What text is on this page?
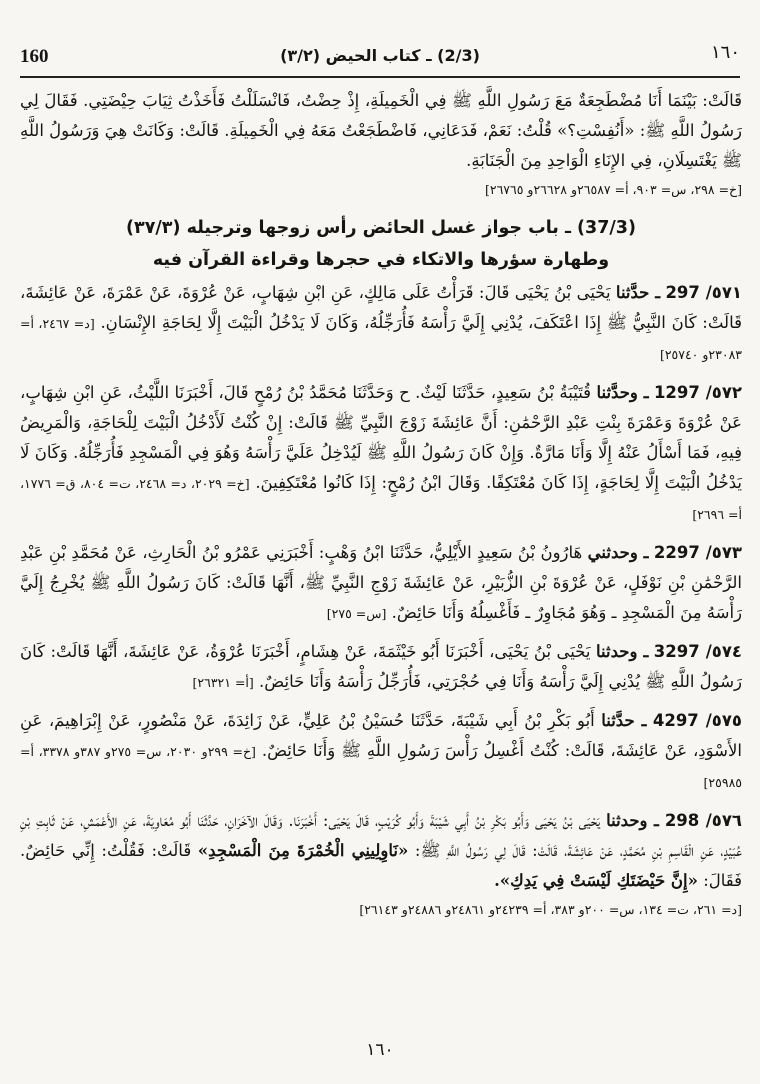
160	(2/3) ـ كتاب الحيض (٣/٢)	١٦٠

قَالَتْ: بَيْنَمَا أَنَا مُضْطَجِعَةٌ مَعَ رَسُولِ اللَّهِ ﷺ فِي الْخَمِيلَةِ، إِذْ حِضْتُ، فَانْسَلَلْتُ فَأَخَذْتُ ثِيَابَ حِيْضَتِي. فَقَالَ لِي رَسُولُ اللَّهِ ﷺ: «أَنُفِسْتِ؟» قُلْتُ: نَعَمْ، فَدَعَانِي، فَاضْطَجَعْتُ مَعَهُ فِي الْخَمِيلَةِ. قَالَتْ: وَكَانَتْ هِيَ وَرَسُولُ اللَّهِ ﷺ يَغْتَسِلَانِ، فِي الإِنَاءِ الْوَاحِدِ مِنَ الْجَنَابَةِ.

[خ= ٢٩٨، س= ٩٠٣، أ= ٢٦٥٨٧و ٢٦٦٢٨و ٢٦٧٦٥]

(37/3) ـ باب جواز غسل الحائض رأس زوجها وترجيله (٣٧/٣)
وطهارة سؤرها والاتكاء في حجرها وقراءة القرآن فيه

٥٧١/ 297 ـ حدَّثنا يَحْيَى بْنُ يَحْيَى قَالَ: قَرَأْتُ عَلَى مَالِكٍ، عَنِ ابْنِ شِهَابٍ، عَنْ عُرْوَةَ، عَنْ عَمْرَةَ، عَنْ عَائِشَةَ، قَالَتْ: كَانَ النَّبِيُّ ﷺ إِذَا اعْتَكَفَ، يُدْنِي إِلَيَّ رَأْسَهُ فَأُرَجِّلُهُ، وَكَانَ لَا يَدْخُلُ الْبَيْتَ إِلَّا لِحَاجَةِ الإِنْسَانِ. [د= ٢٤٦٧، أ= ٢٣٠٨٣و ٢٥٧٤٠]

٥٧٢/ 1297 ـ وحدَّثنا قُتَيْبَةُ بْنُ سَعِيدٍ، حَدَّثَنَا لَيْثٌ. ح وَحَدَّثَنَا مُحَمَّدُ بْنُ رُمْحٍ قَالَ، أَخْبَرَنَا اللَّيْثُ، عَنِ ابْنِ شِهَابٍ، عَنْ عُرْوَةَ وَعَمْرَةَ بِنْتِ عَبْدِ الرَّحْمَٰنِ: أَنَّ عَائِشَةَ زَوْجَ النَّبِيِّ ﷺ قَالَتْ: إِنْ كُنْتُ لَأَدْخُلُ الْبَيْتَ لِلْحَاجَةِ، وَالْمَرِيضُ فِيهِ، فَمَا أَسْأَلُ عَنْهُ إِلَّا وَأَنَا مَارَّةٌ. وَإِنْ كَانَ رَسُولُ اللَّهِ ﷺ لَيُدْخِلُ عَلَيَّ رَأْسَهُ وَهُوَ فِي الْمَسْجِدِ فَأُرَجِّلُهُ. وَكَانَ لَا يَدْخُلُ الْبَيْتَ إِلَّا لِحَاجَةٍ، إِذَا كَانَ مُعْتَكِفًا. وَقَالَ ابْنُ رُمْحٍ: إِذَا كَانُوا مُعْتَكِفِينَ. [خ= ٢٠٢٩، د= ٢٤٦٨، ت= ٨٠٤، ق= ١٧٧٦، أ= ٢٦٩٦]

٥٧٣/ 2297 ـ وحدثني هَارُونُ بْنُ سَعِيدٍ الأَيْلِيُّ، حَدَّثَنَا ابْنُ وَهْبٍ: أَخْبَرَنِي عَمْرُو بْنُ الْحَارِثِ، عَنْ مُحَمَّدِ بْنِ عَبْدِ الرَّحْمَٰنِ بْنِ نَوْفَلٍ، عَنْ عُرْوَةَ بْنِ الزُّبَيْرِ، عَنْ عَائِشَةَ زَوْجِ النَّبِيِّ ﷺ، أَنَّهَا قَالَتْ: كَانَ رَسُولُ اللَّهِ ﷺ يُخْرِجُ إِلَيَّ رَأْسَهُ مِنَ الْمَسْجِدِ ـ وَهُوَ مُجَاوِرٌ ـ فَأَغْسِلُهُ وَأَنَا حَائِضٌ. [س= ٢٧٥]

٥٧٤/ 3297 ـ وحدثنا يَحْيَى بْنُ يَحْيَى، أَخْبَرَنَا أَبُو خَيْثَمَةَ، عَنْ هِشَامٍ، أَخْبَرَنَا عُرْوَةُ، عَنْ عَائِشَةَ، أَنَّهَا قَالَتْ: كَانَ رَسُولُ اللَّهِ ﷺ يُدْنِي إِلَيَّ رَأْسَهُ وَأَنَا فِي حُجْرَتِي، فَأُرَجِّلُ رَأْسَهُ وَأَنَا حَائِضٌ. [أ= ٢٦٣٢١]

٥٧٥/ 4297 ـ حدَّثنا أَبُو بَكْرِ بْنُ أَبِي شَيْبَةَ، حَدَّثَنَا حُسَيْنُ بْنُ عَلِيٍّ، عَنْ زَائِدَةَ، عَنْ مَنْصُورٍ، عَنْ إِبْرَاهِيمَ، عَنِ الأَسْوَدِ، عَنْ عَائِشَةَ، قَالَتْ: كُنْتُ أَغْسِلُ رَأْسَ رَسُولِ اللَّهِ ﷺ وَأَنَا حَائِضٌ. [خ= ٢٩٩و ٢٠٣٠، س= ٢٧٥و ٣٨٧و ٣٣٧٨، أ= ٢٥٩٨٥]

٥٧٦/ 298 ـ وحدثنا يَحْيَى بْنُ يَحْيَى وَأَبُو بَكْرِ بْنُ أَبِي شَيْبَةَ وَأَبُو كُرَيْبٍ، قَالَ يَحْيَى: أَخْبَرَنَا. وَقَالَ الآخَرَانِ، حَدَّثَنَا أَبُو مُعَاوِيَةَ، عَنِ الأَعْمَشِ، عَنْ ثَابِتِ بْنِ عُبَيْدٍ، عَنِ الْقَاسِمِ بْنِ مُحَمَّدٍ، عَنْ عَائِشَةَ، قَالَتْ: قَالَ لِي رَسُولُ اللَّهِ ﷺ: «نَاوِلِينِي الْخُمْرَةَ مِنَ الْمَسْجِدِ» قَالَتْ: فَقُلْتُ: إِنِّي حَائِضٌ. فَقَالَ: «إِنَّ حَيْضَتَكِ لَيْسَتْ فِي يَدِكِ».

[د= ٢٦١، ت= ١٣٤، س= ٢٠٠و ٣٨٣، أ= ٢٤٢٣٩و ٢٤٨٦١و ٢٤٨٨٦و ٢٦١٤٣]

١٦٠
